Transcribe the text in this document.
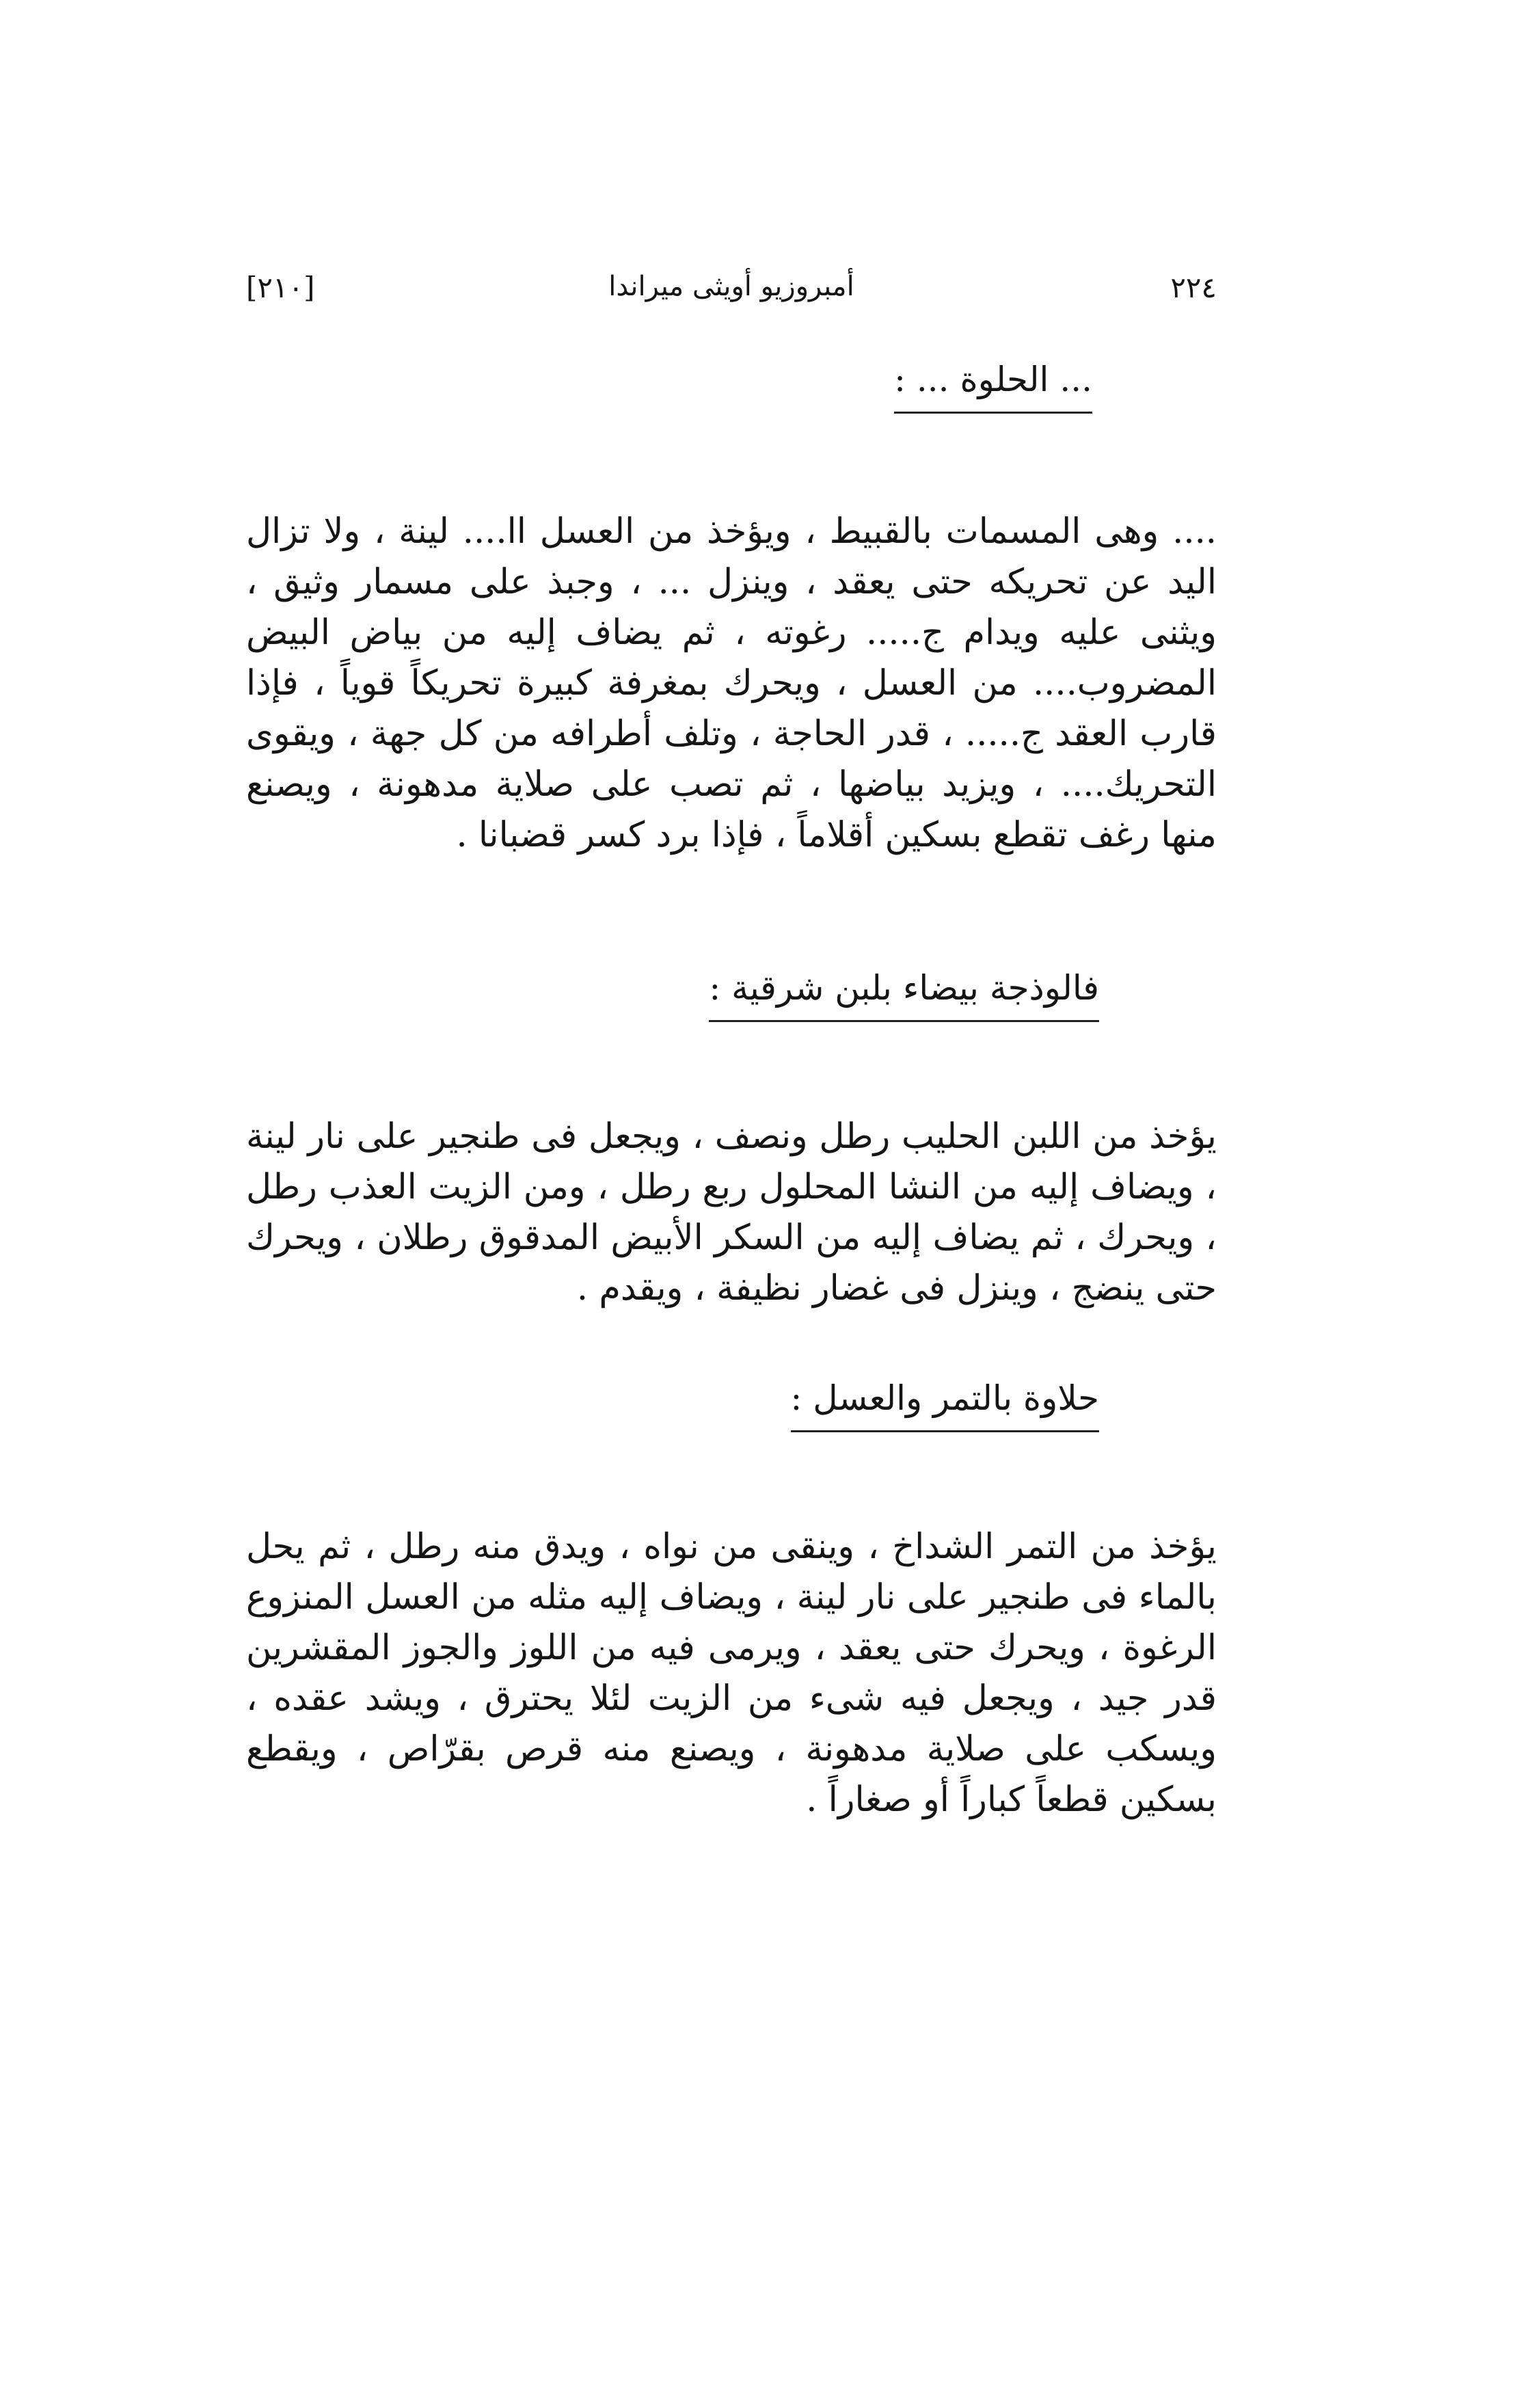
٢٢٤
أمبروزيو أويثى ميراندا
[٢١٠]
... الحلوة ... :

.... وهى المسمات بالقبيط ، ويؤخذ من العسل اا.... لينة ، ولا تزال اليد عن تحريكه حتى يعقد ، وينزل ... ، وجبذ على مسمار وثيق ، ويثنى عليه ويدام ج..... رغوته ، ثم يضاف إليه من بياض البيض المضروب.... من العسل ، ويحرك بمغرفة كبيرة تحريكاً قوياً ، فإذا قارب العقد ج..... ، قدر الحاجة ، وتلف أطرافه من كل جهة ، ويقوى التحريك.... ، ويزيد بياضها ، ثم تصب على صلاية مدهونة ، ويصنع منها رغف تقطع بسكين أقلاماً ، فإذا برد كسر قضبانا .

فالوذجة بيضاء بلبن شرقية :

يؤخذ من اللبن الحليب رطل ونصف ، ويجعل فى طنجير على نار لينة ، ويضاف إليه من النشا المحلول ربع رطل ، ومن الزيت العذب رطل ، ويحرك ، ثم يضاف إليه من السكر الأبيض المدقوق رطلان ، ويحرك حتى ينضج ، وينزل فى غضار نظيفة ، ويقدم .

حلاوة بالتمر والعسل :

يؤخذ من التمر الشداخ ، وينقى من نواه ، ويدق منه رطل ، ثم يحل بالماء فى طنجير على نار لينة ، ويضاف إليه مثله من العسل المنزوع الرغوة ، ويحرك حتى يعقد ، ويرمى فيه من اللوز والجوز المقشرين قدر جيد ، ويجعل فيه شىء من الزيت لئلا يحترق ، ويشد عقده ، ويسكب على صلاية مدهونة ، ويصنع منه قرص بقرّاص ، ويقطع بسكين قطعاً كباراً أو صغاراً .
